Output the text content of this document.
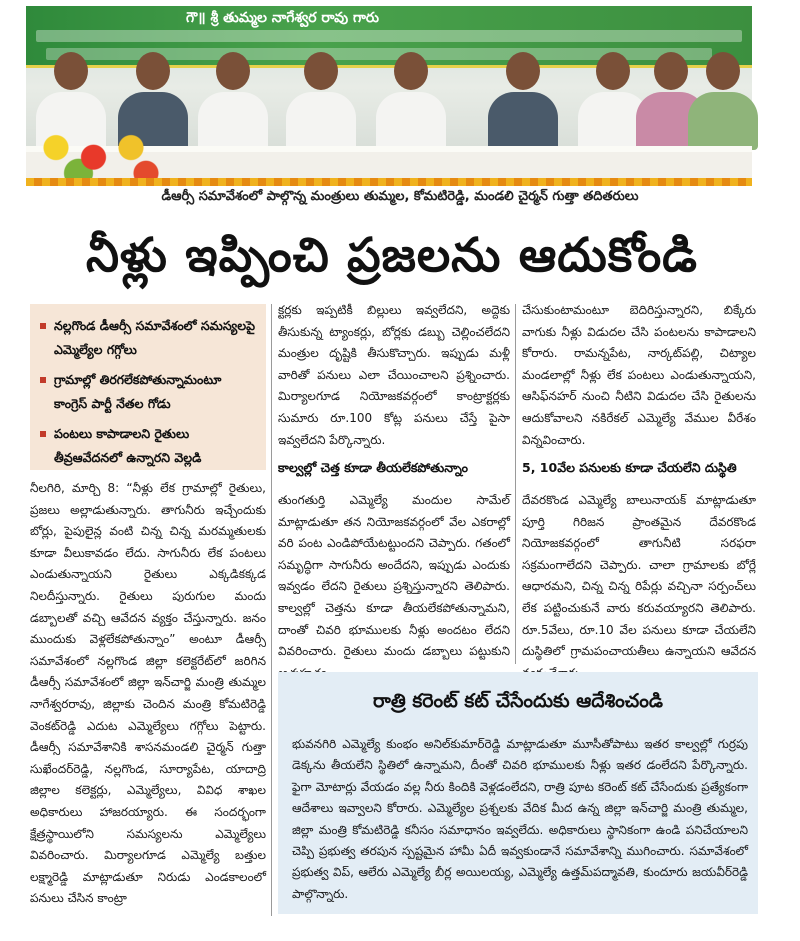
గౌ॥ శ్రీ తుమ్మల నాగేశ్వర రావు గారు
డీఆర్సీ సమావేశంలో పాల్గొన్న మంత్రులు తుమ్మల, కోమటిరెడ్డి, మండలి చైర్మన్ గుత్తా తదితరులు
నీళ్లు ఇప్పించి ప్రజలను ఆదుకోండి
నల్లగొండ డీఆర్సీ సమావేశంలో సమస్యలపై ఎమ్మెల్యేల గగ్గోలు
గ్రామాల్లో తిరగలేకపోతున్నామంటూ కాంగ్రెస్ పార్టీ నేతల గోడు
పంటలు కాపాడాలని రైతులు తీవ్రఆవేదనలో ఉన్నారని వెల్లడి
నీలగిరి, మార్చి 8: “నీళ్లు లేక గ్రామాల్లో రైతులు, ప్రజలు అల్లాడుతున్నారు. తాగునీరు ఇచ్చేందుకు బోర్లు, పైపులైన్ల వంటి చిన్న చిన్న మరమ్మతులకు కూడా వీలుకావడం లేదు. సాగునీరు లేక పంటలు ఎండుతున్నాయని రైతులు ఎక్కడికక్కడ నిలదీస్తున్నారు. రైతులు పురుగుల మందు డబ్బాలతో వచ్చి ఆవేదన వ్యక్తం చేస్తున్నారు. జనం ముందుకు వెళ్లలేకపోతున్నాం” అంటూ డీఆర్సీ సమావేశంలో నల్లగొండ జిల్లా కలెక్టరేట్‌లో జరిగిన డీఆర్సీ సమావేశంలో జిల్లా ఇన్‌చార్జి మంత్రి తుమ్మల నాగేశ్వరరావు, జిల్లాకు చెందిన మంత్రి కోమటిరెడ్డి వెంకట్‌రెడ్డి ఎదుట ఎమ్మెల్యేలు గగ్గోలు పెట్టారు. డీఆర్సీ సమావేశానికి శాసనమండలి చైర్మన్ గుత్తా సుఖేందర్‌రెడ్డి, నల్లగొండ, సూర్యాపేట, యాదాద్రి జిల్లాల కలెక్టర్లు, ఎమ్మెల్యేలు, వివిధ శాఖల అధికారులు హాజరయ్యారు. ఈ సందర్భంగా క్షేత్రస్థాయిలోని సమస్యలను ఎమ్మెల్యేలు వివరించారు. మిర్యాలగూడ ఎమ్మెల్యే బత్తుల లక్ష్మారెడ్డి మాట్లాడుతూ నిరుడు ఎండకాలంలో పనులు చేసిన కాంట్రా
క్టర్లకు ఇప్పటికీ బిల్లులు ఇవ్వలేదని, అద్దెకు తీసుకున్న ట్యాంకర్లు, బోర్లకు డబ్బు చెల్లించలేదని మంత్రుల దృష్టికి తీసుకొచ్చారు. ఇప్పుడు మళ్లీ వారితో పనులు ఎలా చేయించాలని ప్రశ్నించారు. మిర్యాలగూడ నియోజకవర్గంలో కాంట్రాక్టర్లకు సుమారు రూ.100 కోట్ల పనులు చేస్తే పైసా ఇవ్వలేదని పేర్కొన్నారు.
కాల్వల్లో చెత్త కూడా తీయలేకపోతున్నాం
తుంగతుర్తి ఎమ్మెల్యే మందుల సామేల్ మాట్లాడుతూ తన నియోజకవర్గంలో వేల ఎకరాల్లో వరి పంట ఎండిపోయేటట్టుందని చెప్పారు. గతంలో సమృద్ధిగా సాగునీరు అందేదని, ఇప్పుడు ఎందుకు ఇవ్వడం లేదని రైతులు ప్రశ్నిస్తున్నారని తెలిపారు. కాల్వల్లో చెత్తను కూడా తీయలేకపోతున్నామని, దాంతో చివరి భూములకు నీళ్లు అందటం లేదని వివరించారు. రైతులు మందు డబ్బాలు పట్టుకుని
చేసుకుంటామంటూ బెదిరిస్తున్నారని, బిక్కేరు వాగుకు నీళ్లు విడుదల చేసి పంటలను కాపాడాలని కోరారు. రామన్నపేట, నార్కట్‌పల్లి, చిట్యాల మండలాల్లో నీళ్లు లేక పంటలు ఎండుతున్నాయని, ఆసిఫ్‌నహర్ నుంచి నీటిని విడుదల చేసి రైతులను ఆదుకోవాలని నకిరేకల్ ఎమ్మెల్యే వేముల వీరేశం విన్నవించారు.
5, 10వేల పనులకు కూడా చేయలేని దుస్థితి
దేవరకొండ ఎమ్మెల్యే బాలునాయక్ మాట్లాడుతూ పూర్తి గిరిజన ప్రాంతమైన దేవరకొండ నియోజకవర్గంలో తాగునీటి సరఫరా సక్రమంగాలేదని చెప్పారు. చాలా గ్రామాలకు బోర్లే ఆధారమని, చిన్న చిన్న రిపేర్లు వచ్చినా సర్పంచ్‌లు లేక పట్టించుకునే వారు కరువయ్యారని తెలిపారు. రూ.5వేలు, రూ.10 వేల పనులు కూడా చేయలేని దుస్థితిలో గ్రామపంచాయతీలు ఉన్నాయని ఆవేదన
రాత్రి కరెంట్ కట్ చేసేందుకు ఆదేశించండి
భువనగిరి ఎమ్మెల్యే కుంభం అనిల్‌కుమార్‌రెడ్డి మాట్లాడుతూ మూసీతోపాటు ఇతర కాల్వల్లో గుర్రపు డెక్కను తీయలేని స్థితిలో ఉన్నామని, దీంతో చివరి భూములకు నీళ్లు ఇతర డంలేదని పేర్కొన్నారు. ఫైగా మోటార్లు వేయడం వల్ల నీరు కిందికి వెళ్లడంలేదని, రాత్రి పూట కరెంట్ కట్ చేసేందుకు ప్రత్యేకంగా ఆదేశాలు ఇవ్వాలని కోరారు. ఎమ్మెల్యేల ప్రశ్నలకు వేదిక మీద ఉన్న జిల్లా ఇన్‌చార్జి మంత్రి తుమ్మల, జిల్లా మంత్రి కోమటిరెడ్డి కనీసం సమాధానం ఇవ్వలేదు. అధికారులు స్థానికంగా ఉండి పనిచేయాలని చెప్పి ప్రభుత్వ తరపున స్పష్టమైన హామీ ఏదీ ఇవ్వకుండానే సమావేశాన్ని ముగించారు. సమావేశంలో ప్రభుత్వ విప్, ఆలేరు ఎమ్మెల్యే బీర్ల అయిలయ్య, ఎమ్మెల్యే ఉత్తమ్‌పద్మావతి, కుందూరు జయవీర్‌రెడ్డి పాల్గొన్నారు.
